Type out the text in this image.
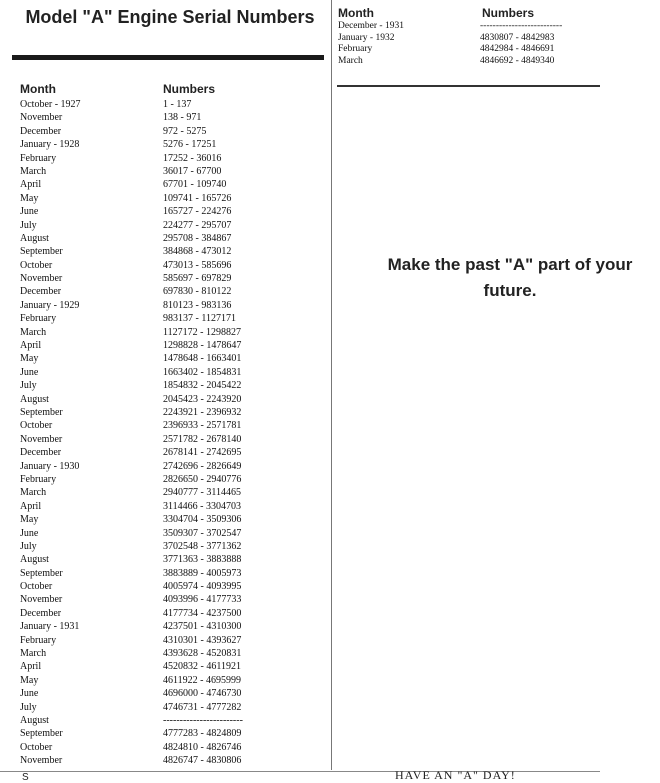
Model "A" Engine Serial Numbers
Month	Numbers
October - 1927	1 - 137
November	138 - 971
December	972 - 5275
January - 1928	5276 - 17251
February	17252 - 36016
March	36017 - 67700
April	67701 - 109740
May	109741 - 165726
June	165727 - 224276
July	224277 - 295707
August	295708 - 384867
September	384868 - 473012
October	473013 - 585696
November	585697 - 697829
December	697830 - 810122
January - 1929	810123 - 983136
February	983137 - 1127171
March	1127172 - 1298827
April	1298828 - 1478647
May	1478648 - 1663401
June	1663402 - 1854831
July	1854832 - 2045422
August	2045423 - 2243920
September	2243921 - 2396932
October	2396933 - 2571781
November	2571782 - 2678140
December	2678141 - 2742695
January - 1930	2742696 - 2826649
February	2826650 - 2940776
March	2940777 - 3114465
April	3114466 - 3304703
May	3304704 - 3509306
June	3509307 - 3702547
July	3702548 - 3771362
August	3771363 - 3883888
September	3883889 - 4005973
October	4005974 - 4093995
November	4093996 - 4177733
December	4177734 - 4237500
January - 1931	4237501 - 4310300
February	4310301 - 4393627
March	4393628 - 4520831
April	4520832 - 4611921
May	4611922 - 4695999
June	4696000 - 4746730
July	4746731 - 4777282
August	------------------------
September	4777283 - 4824809
October	4824810 - 4826746
November	4826747 - 4830806
Month	Numbers
December - 1931	--------------------------
January - 1932	4830807 - 4842983
February	4842984 - 4846691
March	4846692 - 4849340

Make the past "A" part of your future.

S	HAVE AN "A" DAY!
